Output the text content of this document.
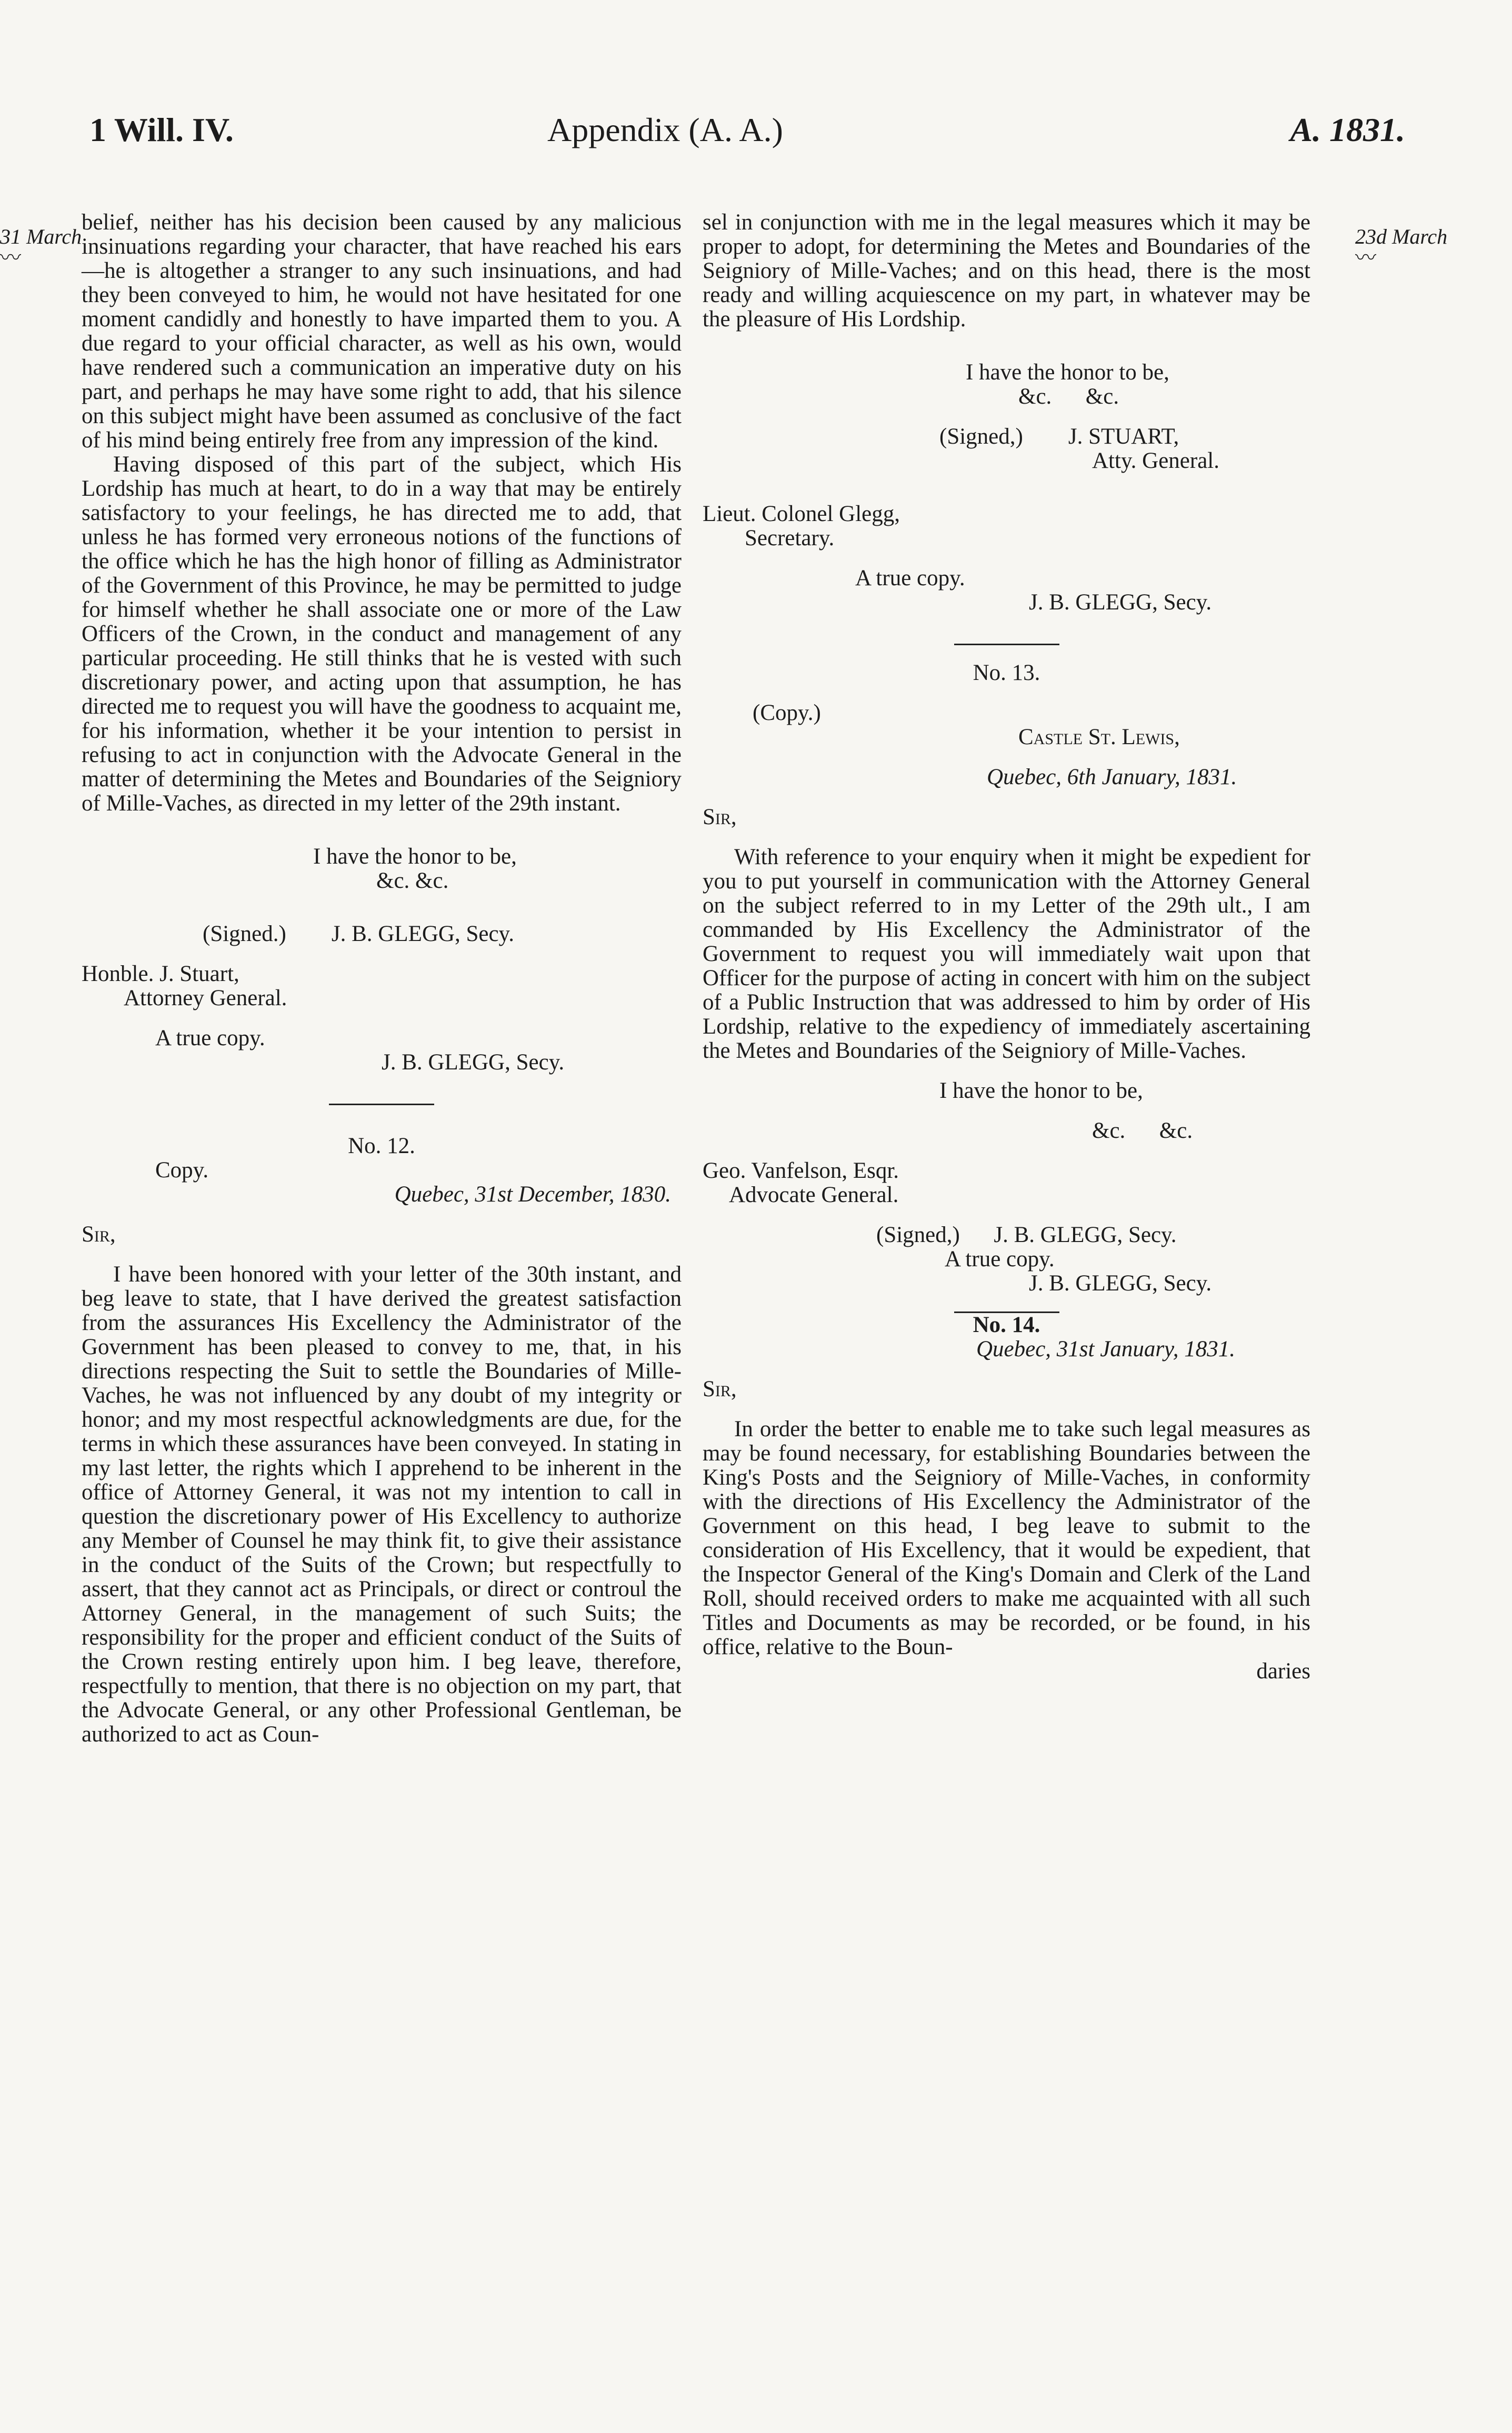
1 Will. IV.	Appendix (A. A.)	A. 1831.
31 March
〰
23d March
〰

belief, neither has his decision been caused by any malicious insinuations regarding your character, that have reached his ears—he is altogether a stranger to any such insinuations, and had they been conveyed to him, he would not have hesitated for one moment candidly and honestly to have imparted them to you. A due regard to your official character, as well as his own, would have rendered such a communication an imperative duty on his part, and perhaps he may have some right to add, that his silence on this subject might have been assumed as conclusive of the fact of his mind being entirely free from any impression of the kind.

Having disposed of this part of the subject, which His Lordship has much at heart, to do in a way that may be entirely satisfactory to your feelings, he has directed me to add, that unless he has formed very erroneous notions of the functions of the office which he has the high honor of filling as Administrator of the Government of this Province, he may be permitted to judge for himself whether he shall associate one or more of the Law Officers of the Crown, in the conduct and management of any particular proceeding. He still thinks that he is vested with such discretionary power, and acting upon that assumption, he has directed me to request you will have the goodness to acquaint me, for his information, whether it be your intention to persist in refusing to act in conjunction with the Advocate General in the matter of determining the Metes and Boundaries of the Seigniory of Mille-Vaches, as directed in my letter of the 29th instant.

I have the honor to be,

&c. &c.

(Signed.)        J. B. GLEGG, Secy.

Honble. J. Stuart,

Attorney General.

A true copy.

J. B. GLEGG, Secy.

No. 12.

Copy.

Quebec, 31st December, 1830.

Sir,

I have been honored with your letter of the 30th instant, and beg leave to state, that I have derived the greatest satisfaction from the assurances His Excellency the Administrator of the Government has been pleased to convey to me, that, in his directions respecting the Suit to settle the Boundaries of Mille-Vaches, he was not influenced by any doubt of my integrity or honor; and my most respectful acknowledgments are due, for the terms in which these assurances have been conveyed. In stating in my last letter, the rights which I apprehend to be inherent in the office of Attorney General, it was not my intention to call in question the discretionary power of His Excellency to authorize any Member of Counsel he may think fit, to give their assistance in the conduct of the Suits of the Crown; but respectfully to assert, that they cannot act as Principals, or direct or controul the Attorney General, in the management of such Suits; the responsibility for the proper and efficient conduct of the Suits of the Crown resting entirely upon him. I beg leave, therefore, respectfully to mention, that there is no objection on my part, that the Advocate General, or any other Professional Gentleman, be authorized to act as Coun-

sel in conjunction with me in the legal measures which it may be proper to adopt, for determining the Metes and Boundaries of the Seigniory of Mille-Vaches; and on this head, there is the most ready and willing acquiescence on my part, in whatever may be the pleasure of His Lordship.

I have the honor to be,

&c.      &c.

(Signed,)        J. STUART,

Atty. General.

Lieut. Colonel Glegg,

Secretary.

A true copy.

J. B. GLEGG, Secy.

No. 13.

(Copy.)

Castle St. Lewis,

Quebec, 6th January, 1831.

Sir,

With reference to your enquiry when it might be expedient for you to put yourself in communication with the Attorney General on the subject referred to in my Letter of the 29th ult., I am commanded by His Excellency the Administrator of the Government to request you will immediately wait upon that Officer for the purpose of acting in concert with him on the subject of a Public Instruction that was addressed to him by order of His Lordship, relative to the expediency of immediately ascertaining the Metes and Boundaries of the Seigniory of Mille-Vaches.

I have the honor to be,

&c.      &c.

Geo. Vanfelson, Esqr.

Advocate General.

(Signed,)      J. B. GLEGG, Secy.

A true copy.

J. B. GLEGG, Secy.

No. 14.

Quebec, 31st January, 1831.

Sir,

In order the better to enable me to take such legal measures as may be found necessary, for establishing Boundaries between the King's Posts and the Seigniory of Mille-Vaches, in conformity with the directions of His Excellency the Administrator of the Government on this head, I beg leave to submit to the consideration of His Excellency, that it would be expedient, that the Inspector General of the King's Domain and Clerk of the Land Roll, should received orders to make me acquainted with all such Titles and Documents as may be recorded, or be found, in his office, relative to the Boun-

daries
